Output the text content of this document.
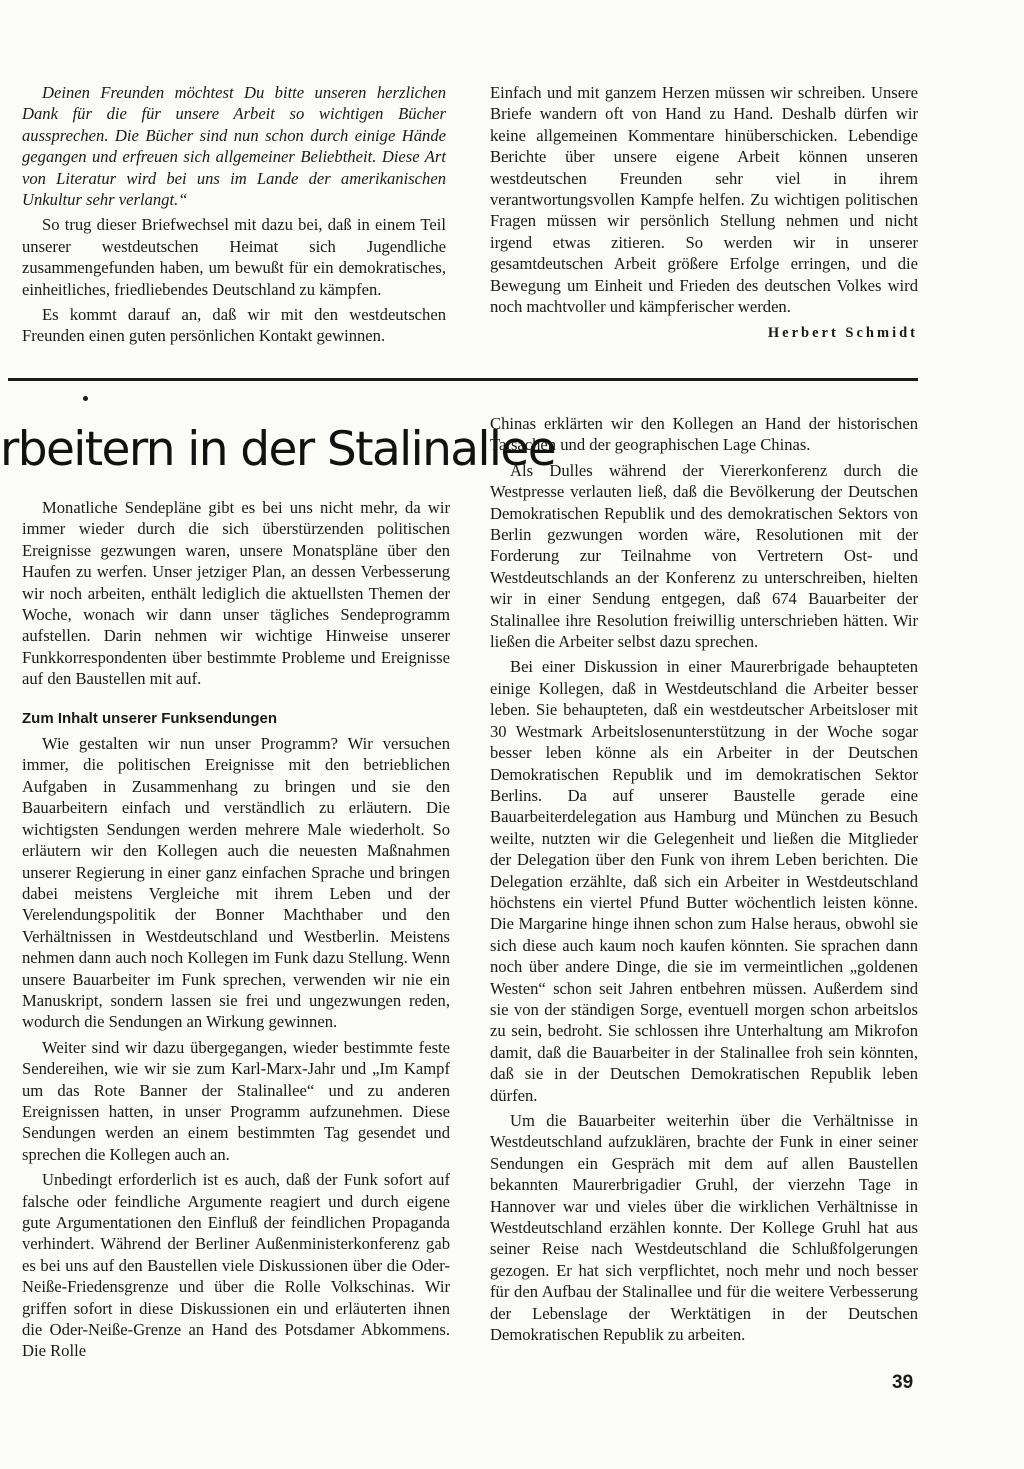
Deinen Freunden möchtest Du bitte unseren herzlichen Dank für die für unsere Arbeit so wichtigen Bücher aussprechen. Die Bücher sind nun schon durch einige Hände gegangen und erfreuen sich allgemeiner Beliebtheit. Diese Art von Literatur wird bei uns im Lande der amerikanischen Unkultur sehr verlangt.“

So trug dieser Briefwechsel mit dazu bei, daß in einem Teil unserer westdeutschen Heimat sich Jugendliche zusammengefunden haben, um bewußt für ein demokratisches, einheitliches, friedliebendes Deutschland zu kämpfen.

Es kommt darauf an, daß wir mit den westdeutschen Freunden einen guten persönlichen Kontakt gewinnen.

Einfach und mit ganzem Herzen müssen wir schreiben. Unsere Briefe wandern oft von Hand zu Hand. Deshalb dürfen wir keine allgemeinen Kommentare hinüberschicken. Lebendige Berichte über unsere eigene Arbeit können unseren westdeutschen Freunden sehr viel in ihrem verantwortungsvollen Kampfe helfen. Zu wichtigen politischen Fragen müssen wir persönlich Stellung nehmen und nicht irgend etwas zitieren. So werden wir in unserer gesamtdeutschen Arbeit größere Erfolge erringen, und die Bewegung um Einheit und Frieden des deutschen Volkes wird noch machtvoller und kämpferischer werden.

Herbert Schmidt

rbeitern in der Stalinallee

Monatliche Sendepläne gibt es bei uns nicht mehr, da wir immer wieder durch die sich überstürzenden politischen Ereignisse gezwungen waren, unsere Monatspläne über den Haufen zu werfen. Unser jetziger Plan, an dessen Verbesserung wir noch arbeiten, enthält lediglich die aktuellsten Themen der Woche, wonach wir dann unser tägliches Sendeprogramm aufstellen. Darin nehmen wir wichtige Hinweise unserer Funkkorrespondenten über bestimmte Probleme und Ereignisse auf den Baustellen mit auf.

Zum Inhalt unserer Funksendungen

Wie gestalten wir nun unser Programm? Wir versuchen immer, die politischen Ereignisse mit den betrieblichen Aufgaben in Zusammenhang zu bringen und sie den Bauarbeitern einfach und verständlich zu erläutern. Die wichtigsten Sendungen werden mehrere Male wiederholt. So erläutern wir den Kollegen auch die neuesten Maßnahmen unserer Regierung in einer ganz einfachen Sprache und bringen dabei meistens Vergleiche mit ihrem Leben und der Verelendungspolitik der Bonner Machthaber und den Verhältnissen in Westdeutschland und Westberlin. Meistens nehmen dann auch noch Kollegen im Funk dazu Stellung. Wenn unsere Bauarbeiter im Funk sprechen, verwenden wir nie ein Manuskript, sondern lassen sie frei und ungezwungen reden, wodurch die Sendungen an Wirkung gewinnen.

Weiter sind wir dazu übergegangen, wieder bestimmte feste Sendereihen, wie wir sie zum Karl-Marx-Jahr und „Im Kampf um das Rote Banner der Stalinallee“ und zu anderen Ereignissen hatten, in unser Programm aufzunehmen. Diese Sendungen werden an einem bestimmten Tag gesendet und sprechen die Kollegen auch an.

Unbedingt erforderlich ist es auch, daß der Funk sofort auf falsche oder feindliche Argumente reagiert und durch eigene gute Argumentationen den Einfluß der feindlichen Propaganda verhindert. Während der Berliner Außenministerkonferenz gab es bei uns auf den Baustellen viele Diskussionen über die Oder-Neiße-Friedensgrenze und über die Rolle Volkschinas. Wir griffen sofort in diese Diskussionen ein und erläuterten ihnen die Oder-Neiße-Grenze an Hand des Potsdamer Abkommens. Die Rolle

Chinas erklärten wir den Kollegen an Hand der historischen Tatsachen und der geographischen Lage Chinas.

Als Dulles während der Viererkonferenz durch die Westpresse verlauten ließ, daß die Bevölkerung der Deutschen Demokratischen Republik und des demokratischen Sektors von Berlin gezwungen worden wäre, Resolutionen mit der Forderung zur Teilnahme von Vertretern Ost- und Westdeutschlands an der Konferenz zu unterschreiben, hielten wir in einer Sendung entgegen, daß 674 Bauarbeiter der Stalinallee ihre Resolution freiwillig unterschrieben hätten. Wir ließen die Arbeiter selbst dazu sprechen.

Bei einer Diskussion in einer Maurerbrigade behaupteten einige Kollegen, daß in Westdeutschland die Arbeiter besser leben. Sie behaupteten, daß ein westdeutscher Arbeitsloser mit 30 Westmark Arbeitslosenunterstützung in der Woche sogar besser leben könne als ein Arbeiter in der Deutschen Demokratischen Republik und im demokratischen Sektor Berlins. Da auf unserer Baustelle gerade eine Bauarbeiterdelegation aus Hamburg und München zu Besuch weilte, nutzten wir die Gelegenheit und ließen die Mitglieder der Delegation über den Funk von ihrem Leben berichten. Die Delegation erzählte, daß sich ein Arbeiter in Westdeutschland höchstens ein viertel Pfund Butter wöchentlich leisten könne. Die Margarine hinge ihnen schon zum Halse heraus, obwohl sie sich diese auch kaum noch kaufen könnten. Sie sprachen dann noch über andere Dinge, die sie im vermeintlichen „goldenen Westen“ schon seit Jahren entbehren müssen. Außerdem sind sie von der ständigen Sorge, eventuell morgen schon arbeitslos zu sein, bedroht. Sie schlossen ihre Unterhaltung am Mikrofon damit, daß die Bauarbeiter in der Stalinallee froh sein könnten, daß sie in der Deutschen Demokratischen Republik leben dürfen.

Um die Bauarbeiter weiterhin über die Verhältnisse in Westdeutschland aufzuklären, brachte der Funk in einer seiner Sendungen ein Gespräch mit dem auf allen Baustellen bekannten Maurerbrigadier Gruhl, der vierzehn Tage in Hannover war und vieles über die wirklichen Verhältnisse in Westdeutschland erzählen konnte. Der Kollege Gruhl hat aus seiner Reise nach Westdeutschland die Schlußfolgerungen gezogen. Er hat sich verpflichtet, noch mehr und noch besser für den Aufbau der Stalinallee und für die weitere Verbesserung der Lebenslage der Werktätigen in der Deutschen Demokratischen Republik zu arbeiten.

39
